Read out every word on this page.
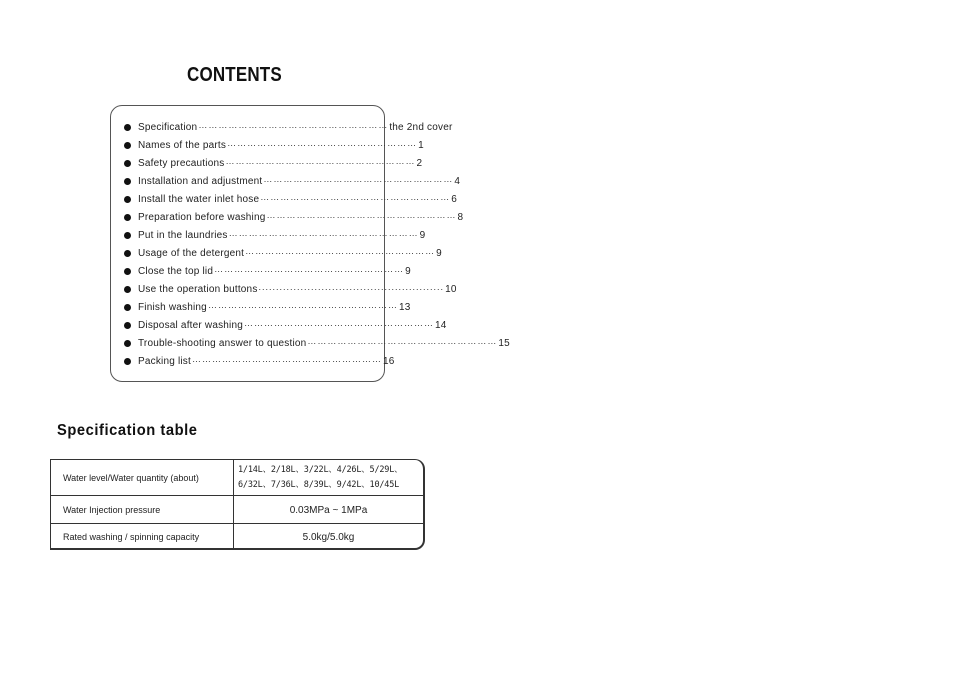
CONTENTS
Specification ………………………………………………… the 2nd cover
Names of the parts ………………………………………………… 1
Safety precautions ………………………………………………… 2
Installation and adjustment ………………………………………………… 4
Install the water inlet hose ………………………………………………… 6
Preparation before washing ………………………………………………… 8
Put in the laundries ………………………………………………… 9
Usage of the detergent ………………………………………………… 9
Close the top lid ………………………………………………… 9
Use the operation buttons ..................................................... 10
Finish washing ………………………………………………… 13
Disposal after washing ………………………………………………… 14
Trouble-shooting answer to question ………………………………………………… 15
Packing list ………………………………………………… 16
Specification table
Water level/Water quantity (about)
1/14L、2/18L、3/22L、4/26L、5/29L、
6/32L、7/36L、8/39L、9/42L、10/45L
Water Injection pressure	0.03MPa ~ 1MPa
Rated washing / spinning capacity	5.0kg/5.0kg
